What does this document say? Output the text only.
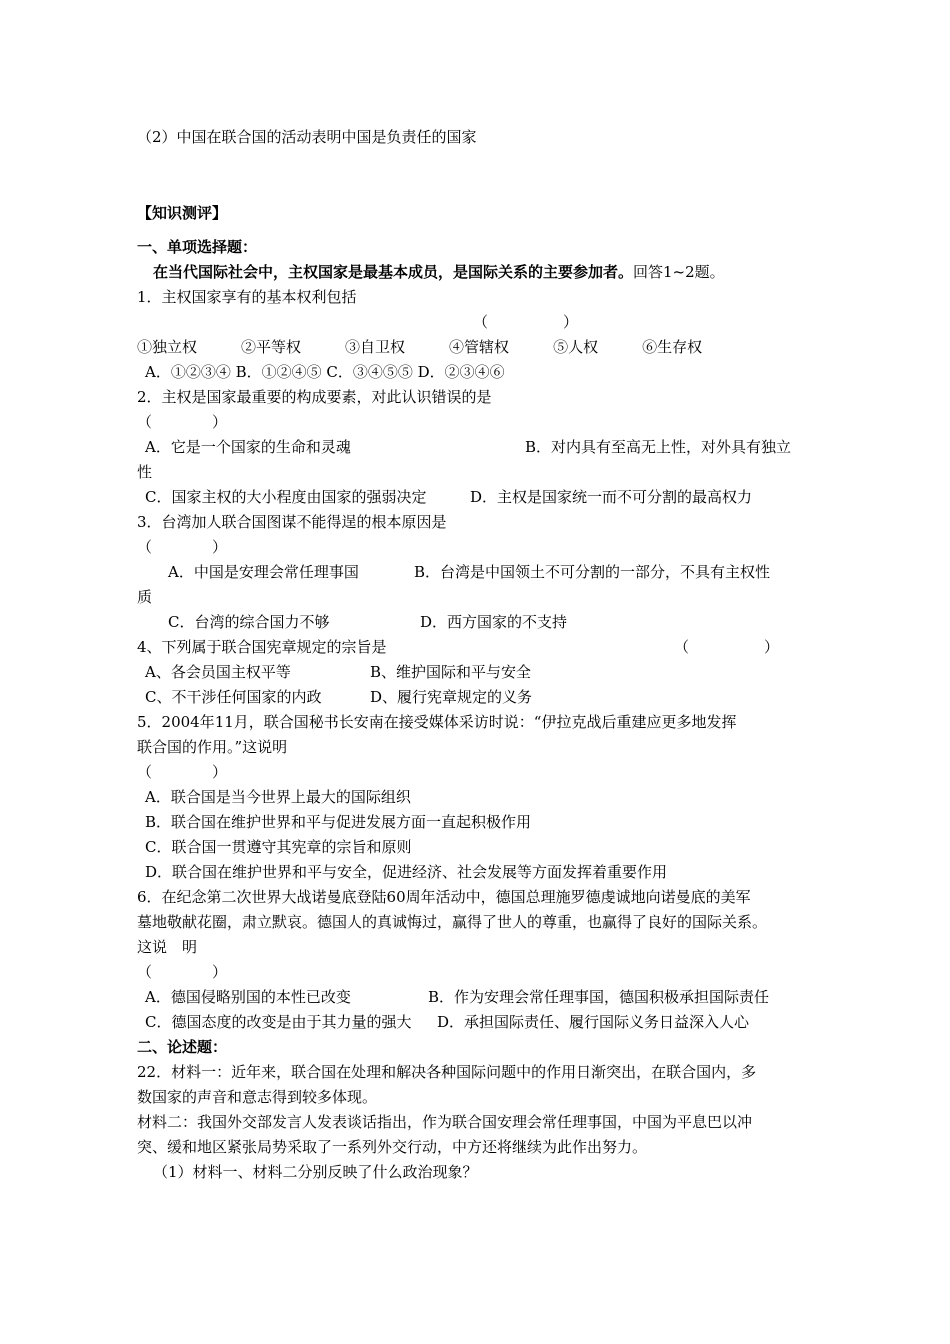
（2）中国在联合国的活动表明中国是负责任的国家
【知识测评】
一、单项选择题：
在当代国际社会中，主权国家是最基本成员，是国际关系的主要参加者。回答1~2题。
1．主权国家享有的基本权利包括
（　　　　　）
①独立权	②平等权	③自卫权	④管辖权	⑤人权	⑥生存权
A．①②③④ B．①②④⑤ C．③④⑤⑤ D．②③④⑥
2．主权是国家最重要的构成要素，对此认识错误的是
（　　　　）
A．它是一个国家的生命和灵魂	B．对内具有至高无上性，对外具有独立
性
C．国家主权的大小程度由国家的强弱决定	D．主权是国家统一而不可分割的最高权力
3．台湾加人联合国图谋不能得逞的根本原因是
（　　　　）
A．中国是安理会常任理事国	B．台湾是中国领土不可分割的一部分，不具有主权性
质
C．台湾的综合国力不够	D．西方国家的不支持
4、下列属于联合国宪章规定的宗旨是	（　　　　　）
A、各会员国主权平等	B、维护国际和平与安全
C、不干涉任何国家的内政	D、履行宪章规定的义务
5．2004年11月，联合国秘书长安南在接受媒体采访时说：“伊拉克战后重建应更多地发挥
联合国的作用。”这说明
（　　　　）
A．联合国是当今世界上最大的国际组织
B．联合国在维护世界和平与促进发展方面一直起积极作用
C．联合国一贯遵守其宪章的宗旨和原则
D．联合国在维护世界和平与安全，促进经济、社会发展等方面发挥着重要作用
6．在纪念第二次世界大战诺曼底登陆60周年活动中，德国总理施罗德虔诚地向诺曼底的美军
墓地敬献花圈，肃立默哀。德国人的真诚悔过，赢得了世人的尊重，也赢得了良好的国际关系。
这说　明
（　　　　）
A．德国侵略别国的本性已改变	B．作为安理会常任理事国，德国积极承担国际责任
C．德国态度的改变是由于其力量的强大 D．承担国际责任、履行国际义务日益深入人心
二、论述题：
22．材料一：近年来，联合国在处理和解决各种国际问题中的作用日渐突出，在联合国内，多
数国家的声音和意志得到较多体现。
材料二：我国外交部发言人发表谈话指出，作为联合国安理会常任理事国，中国为平息巴以冲
突、缓和地区紧张局势采取了一系列外交行动，中方还将继续为此作出努力。
（1）材料一、材料二分别反映了什么政治现象？
